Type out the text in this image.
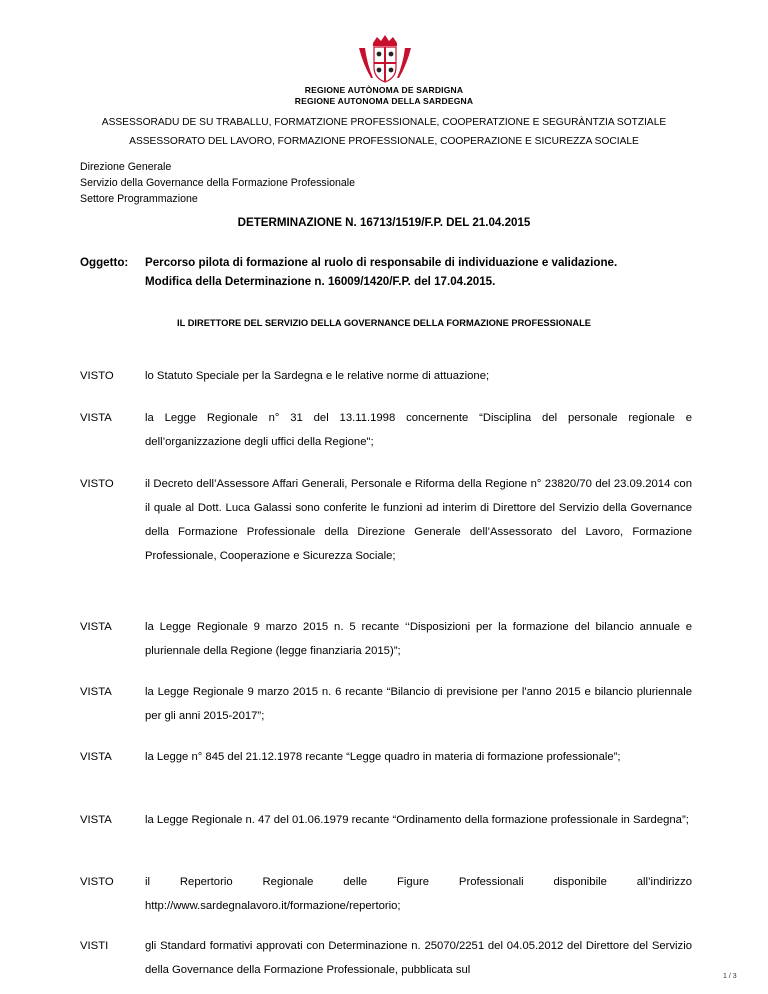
REGIONE AUTÒNOMA DE SARDIGNA
REGIONE AUTONOMA DELLA SARDEGNA
ASSESSORADU DE SU TRABALLU, FORMATZIONE PROFESSIONALE, COOPERATZIONE E SEGURÀNTZIA SOTZIALE
ASSESSORATO DEL LAVORO, FORMAZIONE PROFESSIONALE, COOPERAZIONE E SICUREZZA SOCIALE
Direzione Generale
Servizio della Governance della Formazione Professionale
Settore Programmazione
DETERMINAZIONE N. 16713/1519/F.P. DEL 21.04.2015
Oggetto: Percorso pilota di formazione al ruolo di responsabile di individuazione e validazione.
Modifica della Determinazione n. 16009/1420/F.P. del 17.04.2015.
IL DIRETTORE DEL SERVIZIO DELLA GOVERNANCE DELLA FORMAZIONE PROFESSIONALE
VISTO	lo Statuto Speciale per la Sardegna e le relative norme di attuazione;
VISTA	la Legge Regionale n° 31 del 13.11.1998 concernente “Disciplina del personale regionale e dell’organizzazione degli uffici della Regione";
VISTO	il Decreto dell’Assessore Affari Generali, Personale e Riforma della Regione n° 23820/70 del 23.09.2014 con il quale al Dott. Luca Galassi sono conferite le funzioni ad interim di Direttore del Servizio della Governance della Formazione Professionale della Direzione Generale dell’Assessorato del Lavoro, Formazione Professionale, Cooperazione e Sicurezza Sociale;
VISTA	la Legge Regionale 9 marzo 2015 n. 5 recante ‘‘Disposizioni per la formazione del bilancio annuale e pluriennale della Regione (legge finanziaria 2015)”;
VISTA	la Legge Regionale 9 marzo 2015 n. 6 recante “Bilancio di previsione per l'anno 2015 e bilancio pluriennale per gli anni 2015-2017”;
VISTA	la Legge n° 845 del 21.12.1978 recante “Legge quadro in materia di formazione professionale”;
VISTA	la Legge Regionale n. 47 del 01.06.1979 recante “Ordinamento della formazione professionale in Sardegna”;
VISTO	il Repertorio Regionale delle Figure Professionali disponibile all’indirizzo http://www.sardegnalavoro.it/formazione/repertorio;
VISTI	gli Standard formativi approvati con Determinazione n. 25070/2251 del 04.05.2012 del Direttore del Servizio della Governance della Formazione Professionale, pubblicata sul
1 / 3
